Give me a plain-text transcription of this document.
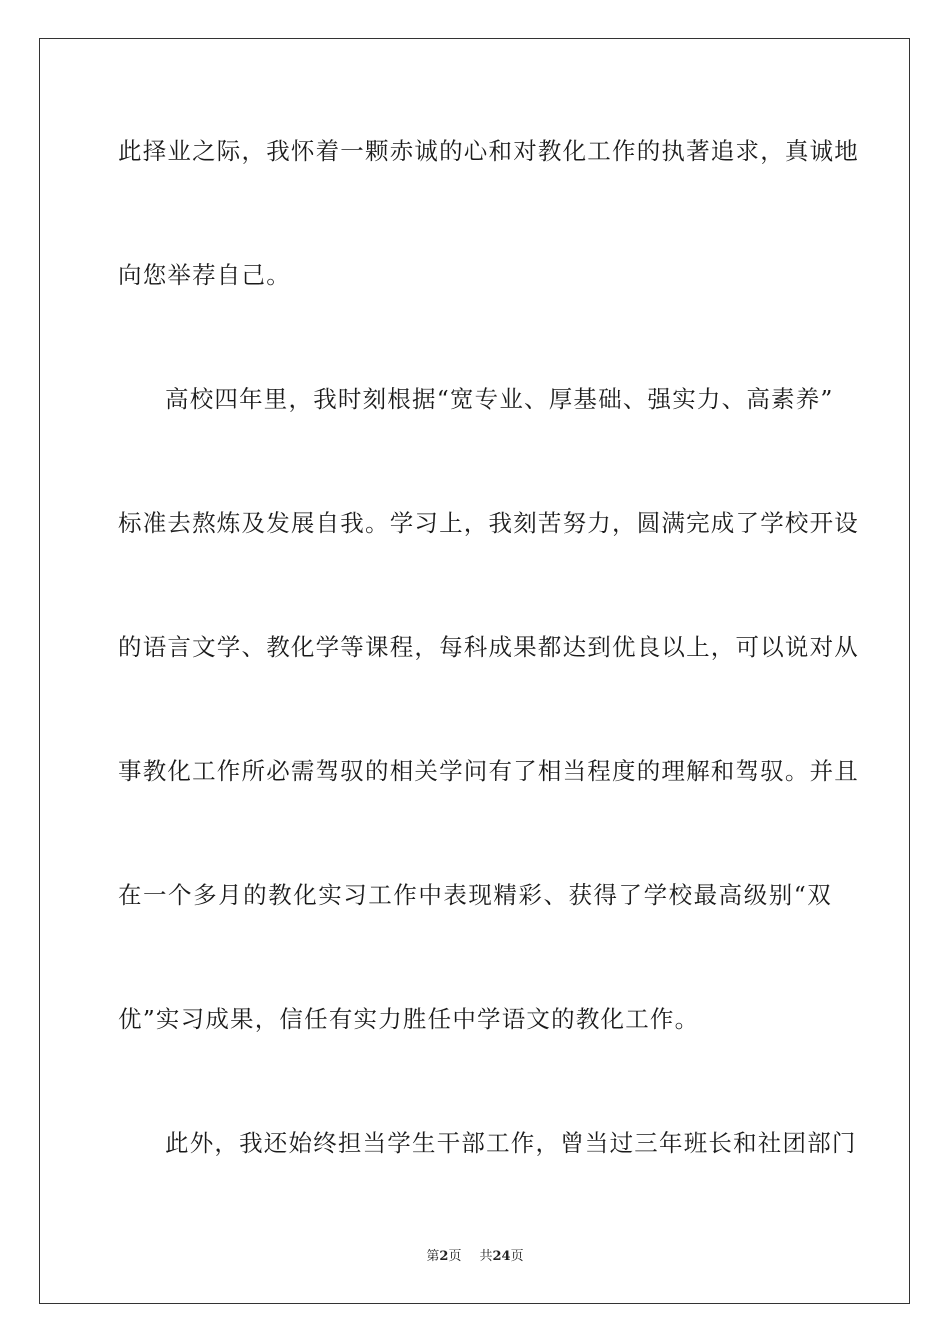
此择业之际，我怀着一颗赤诚的心和对教化工作的执著追求，真诚地
向您举荐自己。
高校四年里，我时刻根据“宽专业、厚基础、强实力、高素养”
标准去熬炼及发展自我。学习上，我刻苦努力，圆满完成了学校开设
的语言文学、教化学等课程，每科成果都达到优良以上，可以说对从
事教化工作所必需驾驭的相关学问有了相当程度的理解和驾驭。并且
在一个多月的教化实习工作中表现精彩、获得了学校最高级别“双
优”实习成果，信任有实力胜任中学语文的教化工作。
此外，我还始终担当学生干部工作，曾当过三年班长和社团部门
第2页 共24页
